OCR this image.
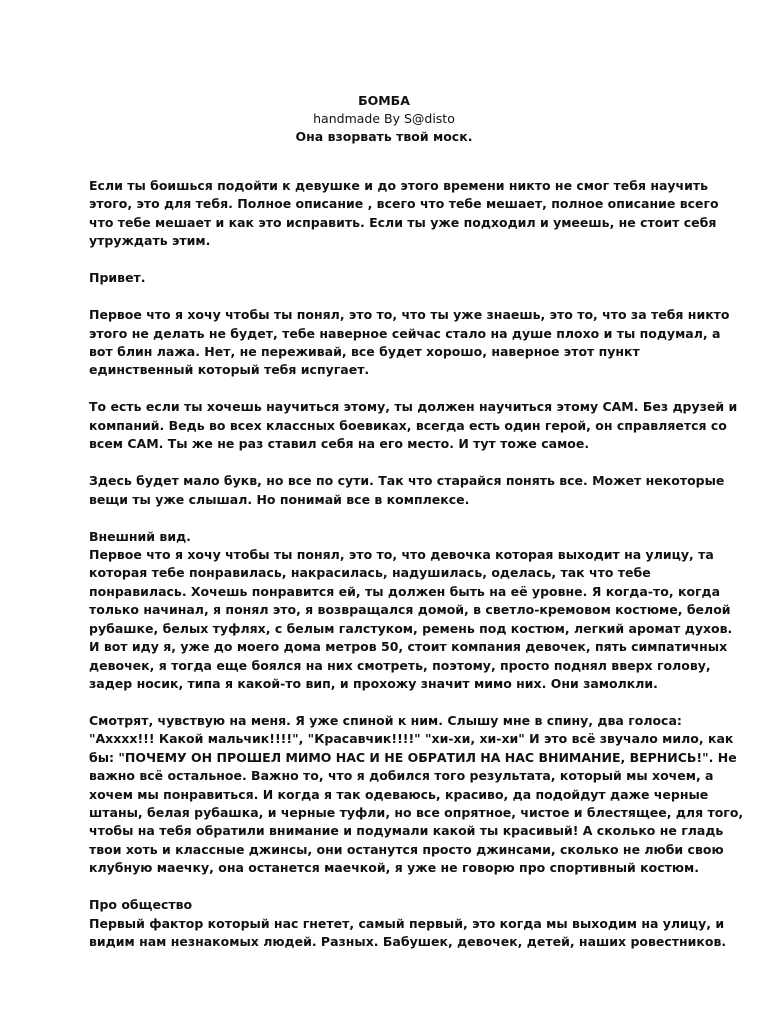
БОМБА
handmade By S@disto
Она взорвать твой моск.

Если ты боишься подойти к девушке и до этого времени никто не смог тебя научить
этого, это для тебя. Полное описание , всего что тебе мешает, полное описание всего
что тебе мешает и как это исправить. Если ты уже подходил и умеешь, не стоит себя
утруждать этим.

Привет.

Первое что я хочу чтобы ты понял, это то, что ты уже знаешь, это то, что за тебя никто
этого не делать не будет, тебе наверное сейчас стало на душе плохо и ты подумал, а
вот блин лажа. Нет, не переживай, все будет хорошо, наверное этот пункт
единственный который тебя испугает.

То есть если ты хочешь научиться этому, ты должен научиться этому САМ. Без друзей и
компаний. Ведь во всех классных боевиках, всегда есть один герой, он справляется со
всем САМ. Ты же не раз ставил себя на его место. И тут тоже самое.

Здесь будет мало букв, но все по сути. Так что старайся понять все. Может некоторые
вещи ты уже слышал. Но понимай все в комплексе.

Внешний вид.
Первое что я хочу чтобы ты понял, это то, что девочка которая выходит на улицу, та
которая тебе понравилась, накрасилась, надушилась, оделась, так что тебе
понравилась. Хочешь понравится ей, ты должен быть на её уровне. Я когда-то, когда
только начинал, я понял это, я возвращался домой, в светло-кремовом костюме, белой
рубашке, белых туфлях, с белым галстуком, ремень под костюм, легкий аромат духов.
И вот иду я, уже до моего дома метров 50, стоит компания девочек, пять симпатичных
девочек, я тогда еще боялся на них смотреть, поэтому, просто поднял вверх голову,
задер носик, типа я какой-то вип, и прохожу значит мимо них. Они замолкли.

Смотрят, чувствую на меня. Я уже спиной к ним. Слышу мне в спину, два голоса:
"Ахххх!!! Какой мальчик!!!!", "Красавчик!!!!" "хи-хи, хи-хи" И это всё звучало мило, как
бы: "ПОЧЕМУ ОН ПРОШЕЛ МИМО НАС И НЕ ОБРАТИЛ НА НАС ВНИМАНИЕ, ВЕРНИСЬ!". Не
важно всё остальное. Важно то, что я добился того результата, который мы хочем, а
хочем мы понравиться. И когда я так одеваюсь, красиво, да подойдут даже черные
штаны, белая рубашка, и черные туфли, но все опрятное, чистое и блестящее, для того,
чтобы на тебя обратили внимание и подумали какой ты красивый! А сколько не гладь
твои хоть и классные джинсы, они останутся просто джинсами, сколько не люби свою
клубную маечку, она останется маечкой, я уже не говорю про спортивный костюм.

Про общество
Первый фактор который нас гнетет, самый первый, это когда мы выходим на улицу, и
видим нам незнакомых людей. Разных. Бабушек, девочек, детей, наших ровестников.
